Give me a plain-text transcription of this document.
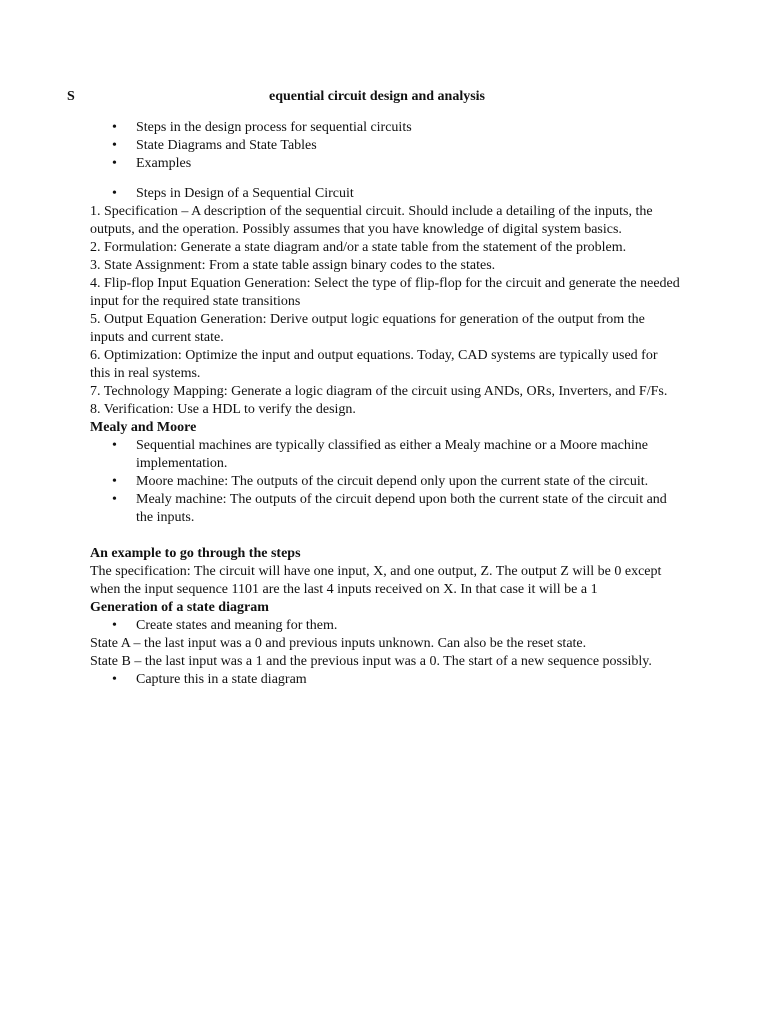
S	equential circuit design and analysis
• Steps in the design process for sequential circuits
• State Diagrams and State Tables
• Examples
• Steps in Design of a Sequential Circuit

1. Specification – A description of the sequential circuit. Should include a detailing of the inputs, the outputs, and the operation. Possibly assumes that you have knowledge of digital system basics.

2. Formulation: Generate a state diagram and/or a state table from the statement of the problem.

3. State Assignment: From a state table assign binary codes to the states.

4. Flip-flop Input Equation Generation: Select the type of flip-flop for the circuit and generate the needed input for the required state transitions

5. Output Equation Generation: Derive output logic equations for generation of the output from the inputs and current state.

6. Optimization: Optimize the input and output equations. Today, CAD systems are typically used for this in real systems.

7. Technology Mapping: Generate a logic diagram of the circuit using ANDs, ORs, Inverters, and F/Fs.

8. Verification: Use a HDL to verify the design.

Mealy and Moore

• Sequential machines are typically classified as either a Mealy machine or a Moore machine implementation.
• Moore machine: The outputs of the circuit depend only upon the current state of the circuit.
• Mealy machine: The outputs of the circuit depend upon both the current state of the circuit and the inputs.

An example to go through the steps

The specification: The circuit will have one input, X, and one output, Z. The output Z will be 0 except when the input sequence 1101 are the last 4 inputs received on X. In that case it will be a 1

Generation of a state diagram

• Create states and meaning for them.

State A – the last input was a 0 and previous inputs unknown. Can also be the reset state.

State B – the last input was a 1 and the previous input was a 0. The start of a new sequence possibly.

• Capture this in a state diagram
